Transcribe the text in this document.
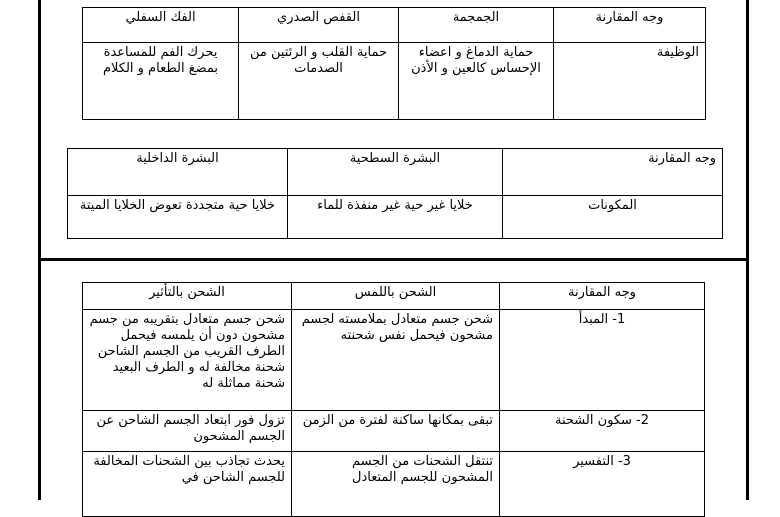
وجه المقارنة	الجمجمة	القفص الصدري	الفك السفلي
الوظيفة	حماية الدماغ و اعضاء الإحساس كالعين و الأذن	حماية القلب و الرئتين من الصدمات	يحرك الفم للمساعدة بمضغ الطعام و الكلام
وجه المقارنة	البشرة السطحية	البشرة الداخلية
المكونات	خلايا غير حية غير منفذة للماء	خلايا حية متجددة تعوض الخلايا الميتة
وجه المقارنة	الشحن باللمس	الشحن بالتأثير
1- المبدأ	شحن جسم متعادل بملامسته لجسم مشحون فيحمل نفس شحنته	شحن جسم متعادل بتقريبه من جسم مشحون دون أن يلمسه فيحمل الطرف القريب من الجسم الشاحن شحنة مخالفة له و الطرف البعيد شحنة مماثلة له
2- سكون الشحنة	تبقى بمكانها ساكنة لفترة من الزمن	تزول فور ابتعاد الجسم الشاحن عن الجسم المشحون
3- التفسير	تنتقل الشحنات من الجسم المشحون للجسم المتعادل	يحدث تجاذب بين الشحنات المخالفة للجسم الشاحن في
